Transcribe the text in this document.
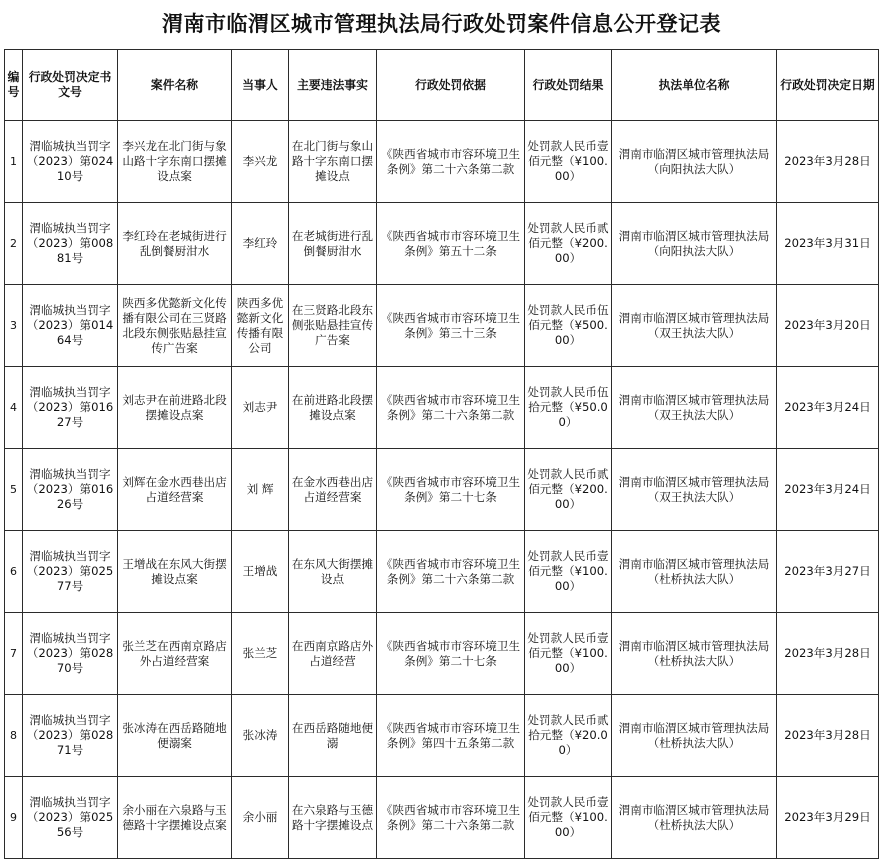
渭南市临渭区城市管理执法局行政处罚案件信息公开登记表
编号	行政处罚决定书文号	案件名称	当事人	主要违法事实	行政处罚依据	行政处罚结果	执法单位名称	行政处罚决定日期
1	渭临城执当罚字（2023）第02410号	李兴龙在北门街与象山路十字东南口摆摊设点案	李兴龙	在北门街与象山路十字东南口摆摊设点	《陕西省城市市容环境卫生条例》第二十六条第二款	处罚款人民币壹佰元整（¥100.00）	渭南市临渭区城市管理执法局（向阳执法大队）	2023年3月28日
2	渭临城执当罚字（2023）第00881号	李红玲在老城街进行乱倒餐厨泔水	李红玲	在老城街进行乱倒餐厨泔水	《陕西省城市市容环境卫生条例》第五十二条	处罚款人民币贰佰元整（¥200.00）	渭南市临渭区城市管理执法局（向阳执法大队）	2023年3月31日
3	渭临城执当罚字（2023）第01464号	陕西多优懿新文化传播有限公司在三贤路北段东侧张贴悬挂宣传广告案	陕西多优懿新文化传播有限公司	在三贤路北段东侧张贴悬挂宣传广告案	《陕西省城市市容环境卫生条例》第三十三条	处罚款人民币伍佰元整（¥500.00）	渭南市临渭区城市管理执法局（双王执法大队）	2023年3月20日
4	渭临城执当罚字（2023）第01627号	刘志尹在前进路北段摆摊设点案	刘志尹	在前进路北段摆摊设点案	《陕西省城市市容环境卫生条例》第二十六条第二款	处罚款人民币伍拾元整（¥50.00）	渭南市临渭区城市管理执法局（双王执法大队）	2023年3月24日
5	渭临城执当罚字（2023）第01626号	刘辉在金水西巷出店占道经营案	刘 辉	在金水西巷出店占道经营案	《陕西省城市市容环境卫生条例》第二十七条	处罚款人民币贰佰元整（¥200.00）	渭南市临渭区城市管理执法局（双王执法大队）	2023年3月24日
6	渭临城执当罚字（2023）第02577号	王增战在东风大街摆摊设点案	王增战	在东风大街摆摊设点	《陕西省城市市容环境卫生条例》第二十六条第二款	处罚款人民币壹佰元整（¥100.00）	渭南市临渭区城市管理执法局（杜桥执法大队）	2023年3月27日
7	渭临城执当罚字（2023）第02870号	张兰芝在西南京路店外占道经营案	张兰芝	在西南京路店外占道经营	《陕西省城市市容环境卫生条例》第二十七条	处罚款人民币壹佰元整（¥100.00）	渭南市临渭区城市管理执法局（杜桥执法大队）	2023年3月28日
8	渭临城执当罚字（2023）第02871号	张冰涛在西岳路随地便溺案	张冰涛	在西岳路随地便溺	《陕西省城市市容环境卫生条例》第四十五条第二款	处罚款人民币贰拾元整（¥20.00）	渭南市临渭区城市管理执法局（杜桥执法大队）	2023年3月28日
9	渭临城执当罚字（2023）第02556号	余小丽在六泉路与玉德路十字摆摊设点案	余小丽	在六泉路与玉德路十字摆摊设点	《陕西省城市市容环境卫生条例》第二十六条第二款	处罚款人民币壹佰元整（¥100.00）	渭南市临渭区城市管理执法局（杜桥执法大队）	2023年3月29日
